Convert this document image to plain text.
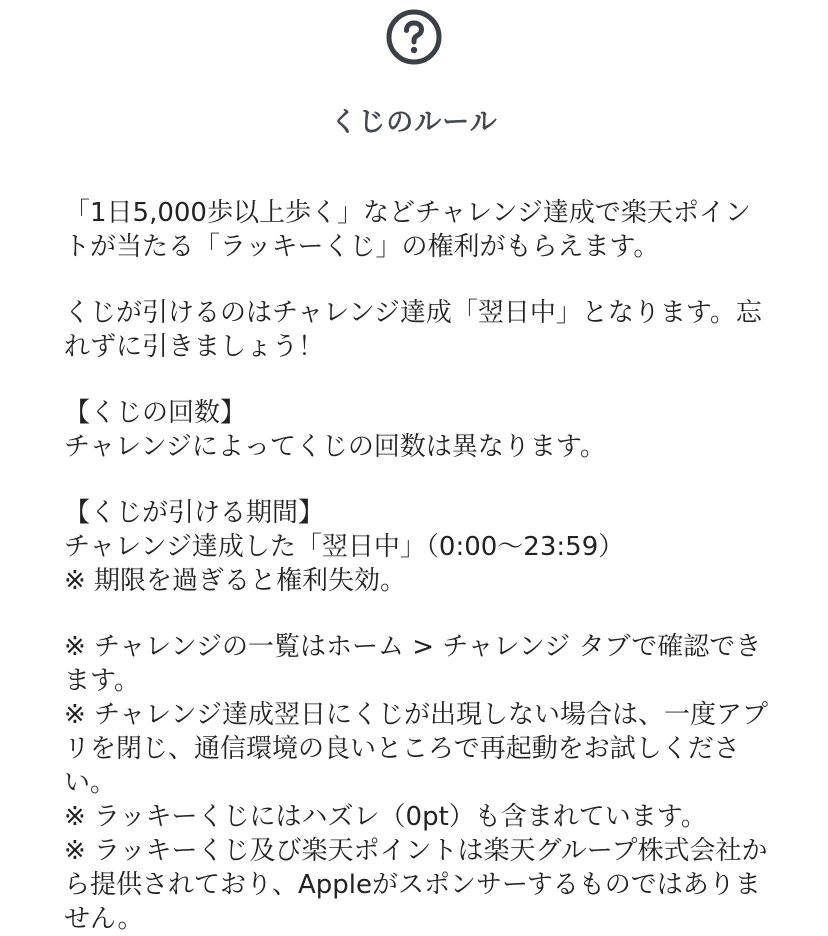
くじのルール

「1日5,000歩以上歩く」などチャレンジ達成で楽天ポイントが当たる「ラッキーくじ」の権利がもらえます。

くじが引けるのはチャレンジ達成「翌日中」となります。忘れずに引きましょう！

【くじの回数】
チャレンジによってくじの回数は異なります。
【くじが引ける期間】
チャレンジ達成した「翌日中」（0:00〜23:59）
※ 期限を過ぎると権利失効。
※ チャレンジの一覧はホーム > チャレンジ タブで確認できます。
※ チャレンジ達成翌日にくじが出現しない場合は、一度アプリを閉じ、通信環境の良いところで再起動をお試しください。
※ ラッキーくじにはハズレ（0pt）も含まれています。
※ ラッキーくじ及び楽天ポイントは楽天グループ株式会社から提供されており、Appleがスポンサーするものではありません。
